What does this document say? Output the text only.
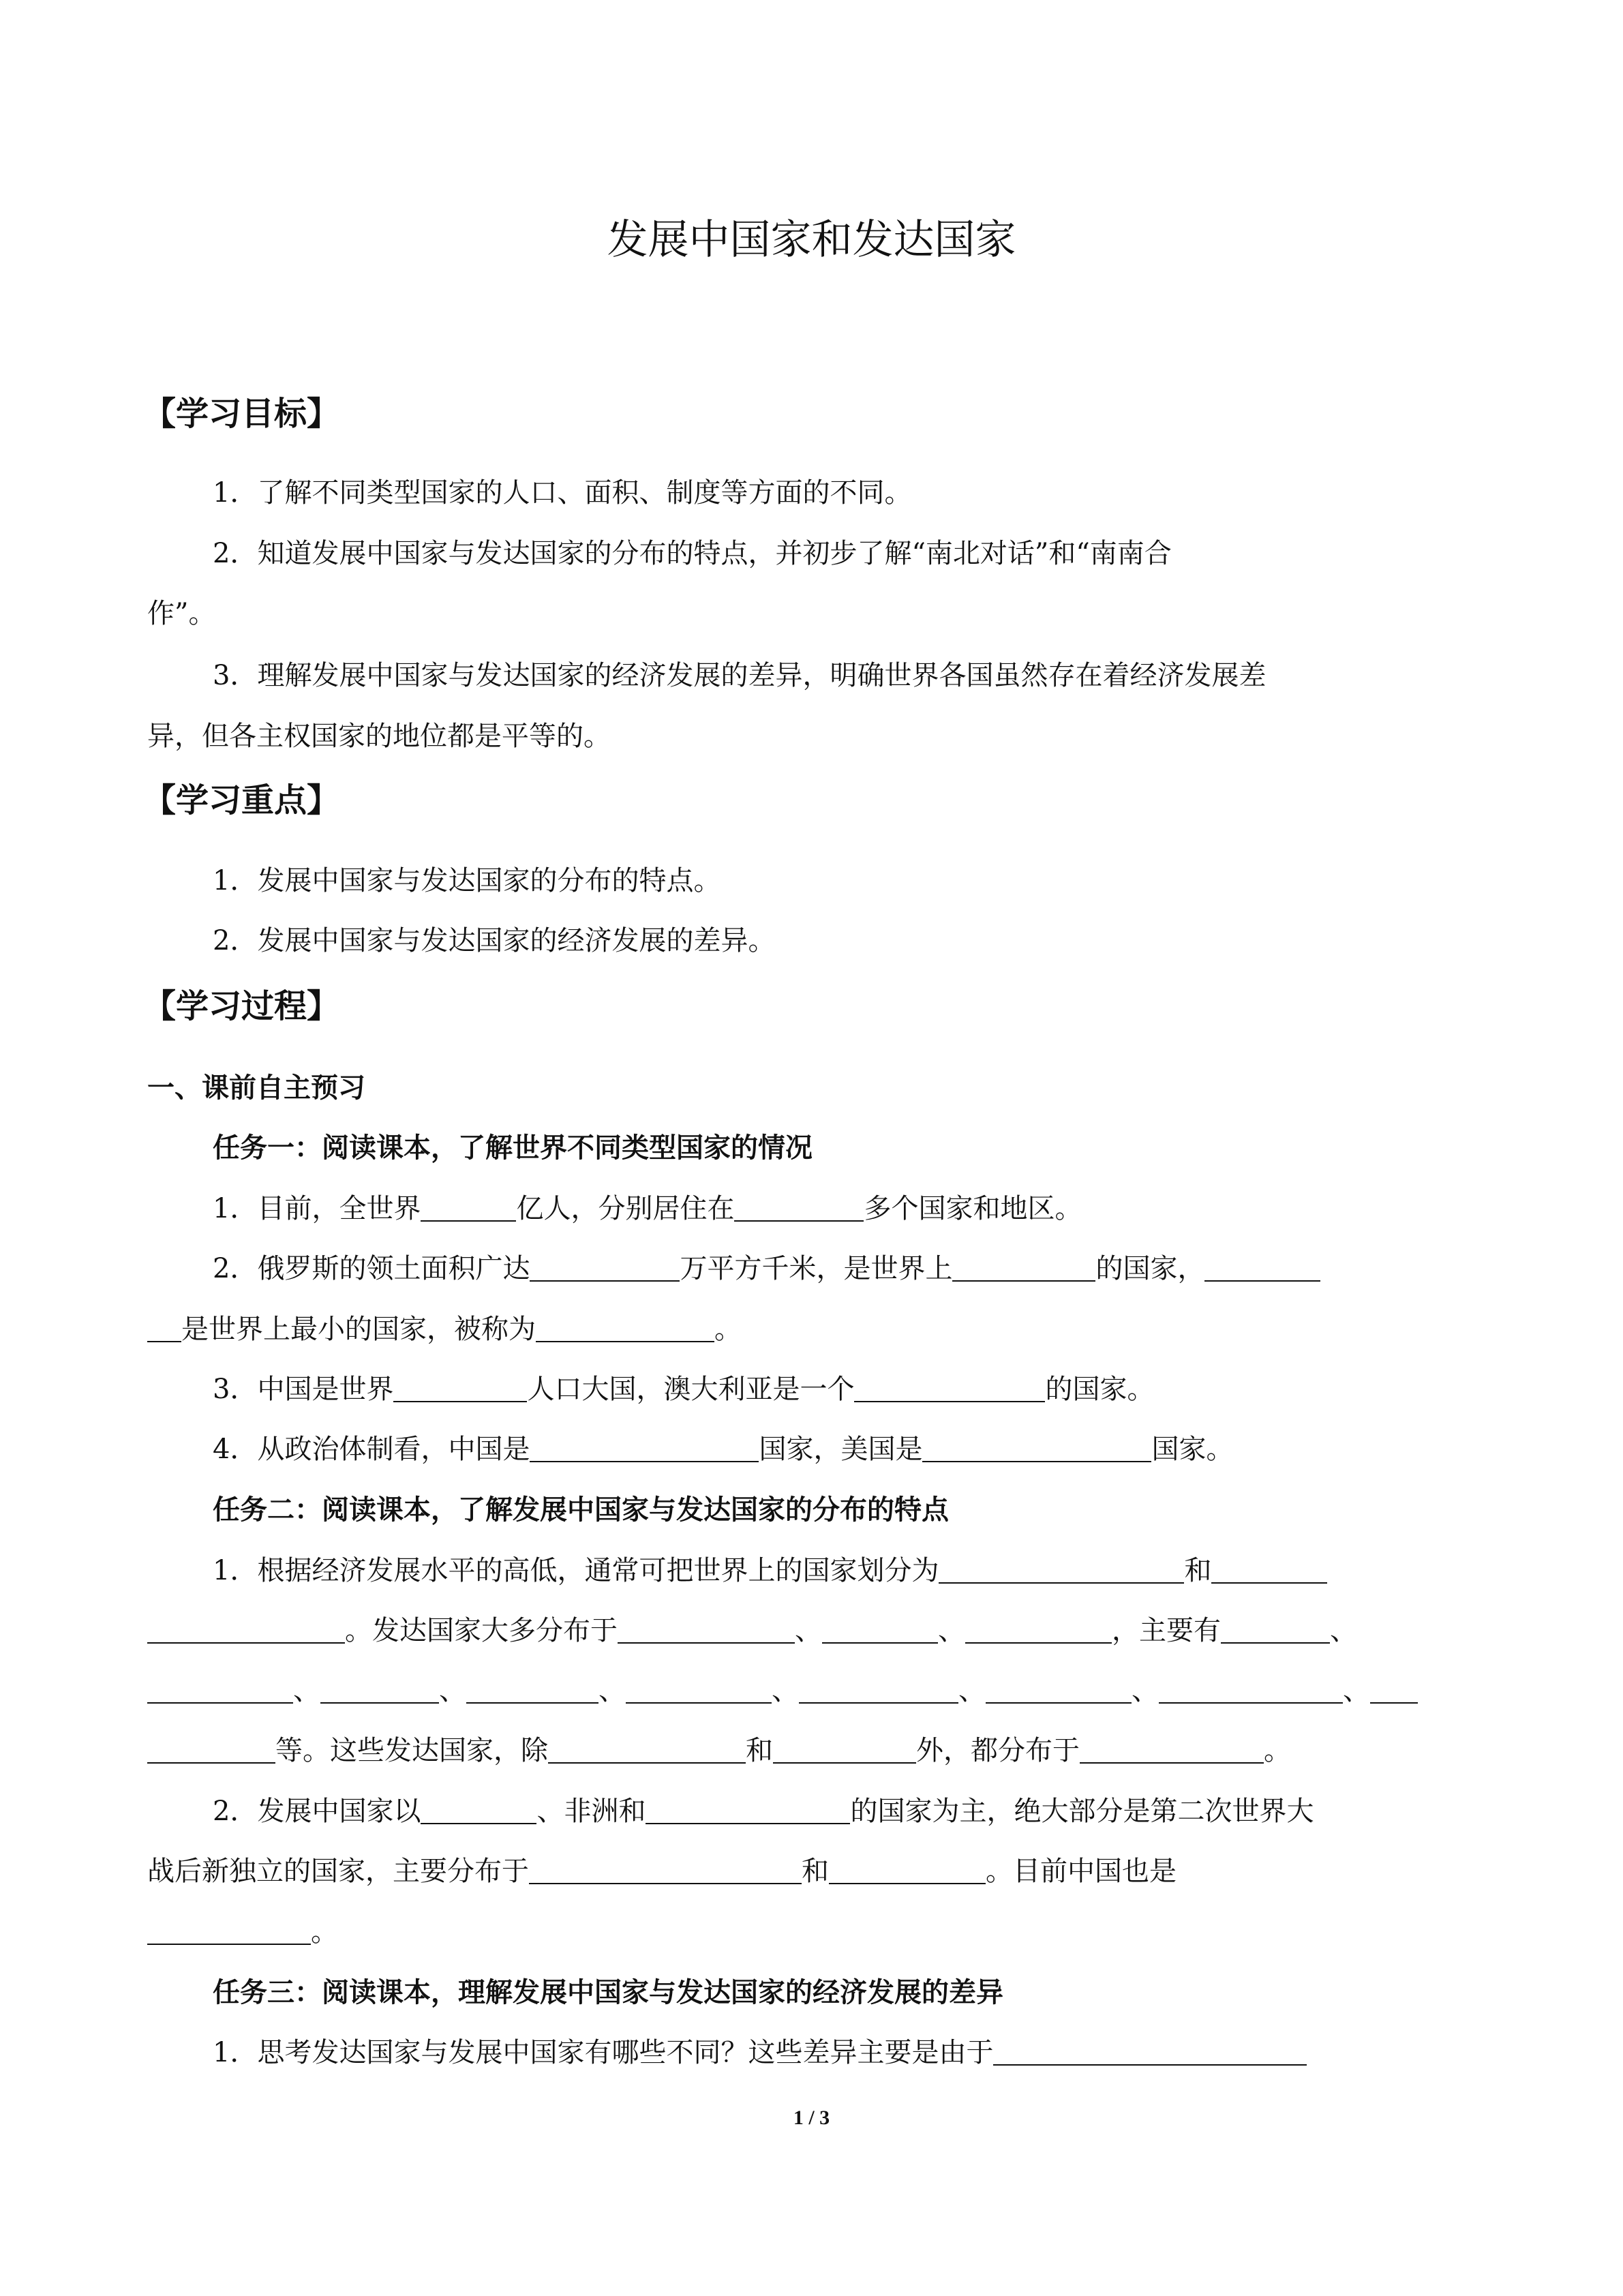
发展中国家和发达国家
【学习目标】
1．了解不同类型国家的人口、面积、制度等方面的不同。
2．知道发展中国家与发达国家的分布的特点，并初步了解“南北对话”和“南南合
作”。
3．理解发展中国家与发达国家的经济发展的差异，明确世界各国虽然存在着经济发展差
异，但各主权国家的地位都是平等的。
【学习重点】
1．发展中国家与发达国家的分布的特点。
2．发展中国家与发达国家的经济发展的差异。
【学习过程】
一、课前自主预习
任务一：阅读课本，了解世界不同类型国家的情况
1．目前，全世界	亿人，分别居住在	多个国家和地区。
2．俄罗斯的领土面积广达	万平方千米，是世界上	的国家，
是世界上最小的国家，被称为	。
3．中国是世界	人口大国，澳大利亚是一个	的国家。
4．从政治体制看，中国是	国家，美国是	国家。
任务二：阅读课本，了解发展中国家与发达国家的分布的特点
1．根据经济发展水平的高低，通常可把世界上的国家划分为	和
。发达国家大多分布于	、	、	，主要有	、
、	、	、	、	、	、	、
等。这些发达国家，除	和	外，都分布于	。
2．发展中国家以	、非洲和	的国家为主，绝大部分是第二次世界大
战后新独立的国家，主要分布于	和	。目前中国也是
。
任务三：阅读课本，理解发展中国家与发达国家的经济发展的差异
1．思考发达国家与发展中国家有哪些不同？这些差异主要是由于
1 / 3
